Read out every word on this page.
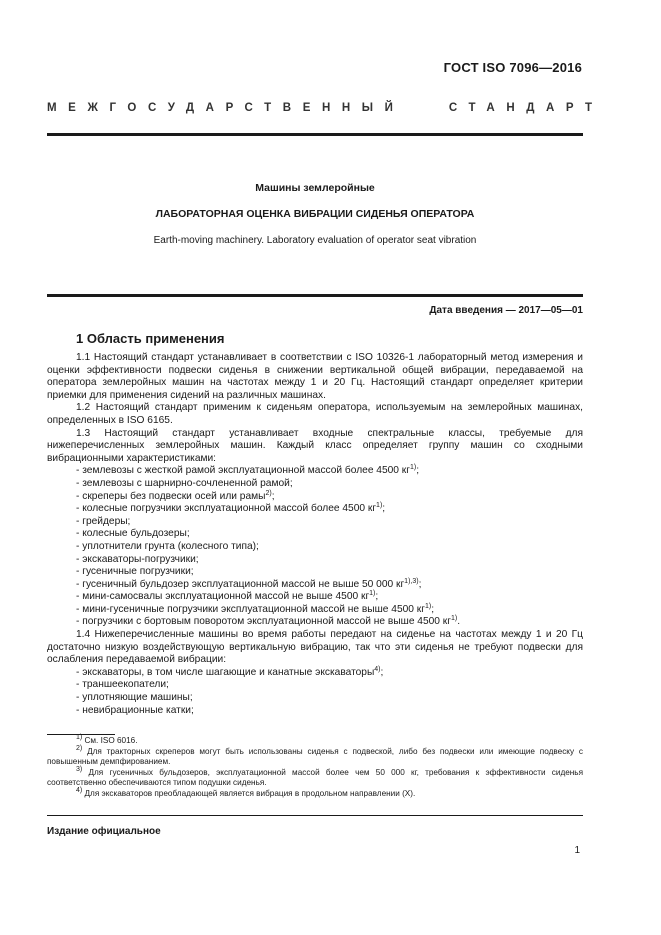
ГОСТ ISO 7096—2016
МЕЖГОСУДАРСТВЕННЫЙ   СТАНДАРТ
Машины землеройные
ЛАБОРАТОРНАЯ ОЦЕНКА ВИБРАЦИИ СИДЕНЬЯ ОПЕРАТОРА
Earth-moving machinery. Laboratory evaluation of operator seat vibration
Дата введения — 2017—05—01
1 Область применения

1.1 Настоящий стандарт устанавливает в соответствии с ISO 10326-1 лабораторный метод измерения и оценки эффективности подвески сиденья в снижении вертикальной общей вибрации, передаваемой на оператора землеройных машин на частотах между 1 и 20 Гц. Настоящий стандарт определяет критерии приемки для применения сидений на различных машинах.

1.2 Настоящий стандарт применим к сиденьям оператора, используемым на землеройных машинах, определенных в ISO 6165.

1.3 Настоящий стандарт устанавливает входные спектральные классы, требуемые для нижеперечисленных землеройных машин. Каждый класс определяет группу машин со сходными вибрационными характеристиками:

- землевозы с жесткой рамой эксплуатационной массой более 4500 $кг^{1)}$;
- землевозы с шарнирно-сочлененной рамой;
- скреперы без подвески осей или рамы$^{2)}$;
- колесные погрузчики эксплуатационной массой более 4500 $кг^{1)}$;
- грейдеры;
- колесные бульдозеры;
- уплотнители грунта (колесного типа);
- экскаваторы-погрузчики;
- гусеничные погрузчики;
- гусеничный бульдозер эксплуатационной массой не выше 50 000 $кг^{1),3)}$;
- мини-самосвалы эксплуатационной массой не выше 4500 $кг^{1)}$;
- мини-гусеничные погрузчики эксплуатационной массой не выше 4500 $кг^{1)}$;
- погрузчики с бортовым поворотом эксплуатационной массой не выше 4500 $кг^{1)}$.

1.4 Нижеперечисленные машины во время работы передают на сиденье на частотах между 1 и 20 Гц достаточно низкую воздействующую вертикальную вибрацию, так что эти сиденья не требуют подвески для ослабления передаваемой вибрации:

- экскаваторы, в том числе шагающие и канатные экскаваторы$^{4)}$;
- траншеекопатели;
- уплотняющие машины;
- невибрационные катки;

$^{1)}$ См. ISO 6016.

$^{2)}$ Для тракторных скреперов могут быть использованы сиденья с подвеской, либо без подвески или имеющие подвеску с повышенным демпфированием.

$^{3)}$ Для гусеничных бульдозеров, эксплуатационной массой более чем 50 000 кг, требования к эффективности сиденья соответственно обеспечиваются типом подушки сиденья.

$^{4)}$ Для экскаваторов преобладающей является вибрация в продольном направлении (X).

Издание официальное
1
